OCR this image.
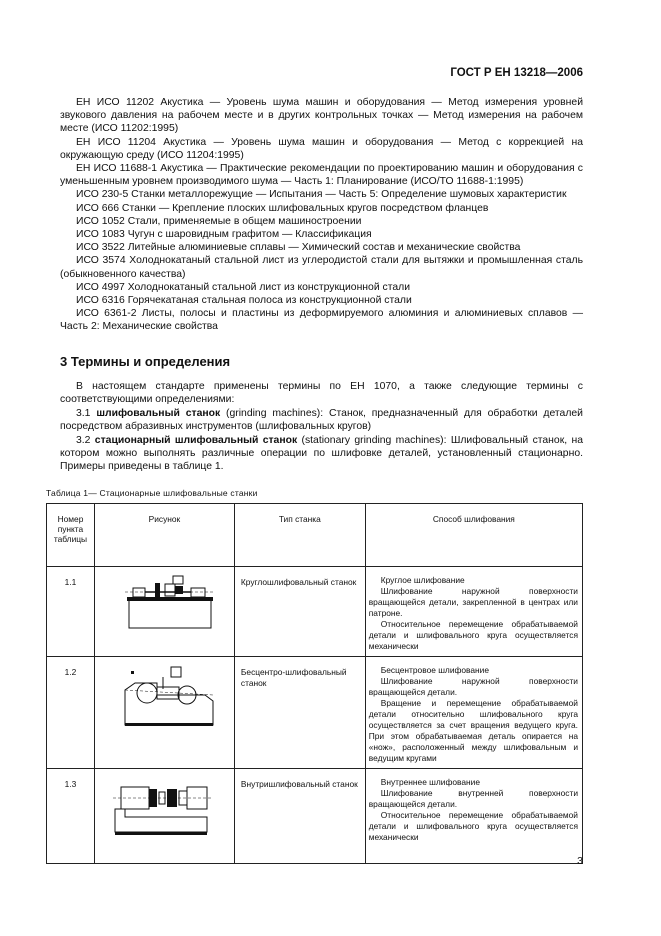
ГОСТ Р ЕН 13218—2006

ЕН ИСО 11202 Акустика — Уровень шума машин и оборудования — Метод измерения уровней звукового давления на рабочем месте и в других контрольных точках — Метод измерения на рабочем месте (ИСО 11202:1995)

ЕН ИСО 11204 Акустика — Уровень шума машин и оборудования — Метод с коррекцией на окружающую среду (ИСО 11204:1995)

ЕН ИСО 11688-1 Акустика — Практические рекомендации по проектированию машин и оборудования с уменьшенным уровнем производимого шума — Часть 1: Планирование (ИСО/ТО 11688-1:1995)

ИСО 230-5 Станки металлорежущие — Испытания — Часть 5: Определение шумовых характеристик

ИСО 666 Станки — Крепление плоских шлифовальных кругов посредством фланцев

ИСО 1052 Стали, применяемые в общем машиностроении

ИСО 1083 Чугун с шаровидным графитом — Классификация

ИСО 3522 Литейные алюминиевые сплавы — Химический состав и механические свойства

ИСО 3574 Холоднокатаный стальной лист из углеродистой стали для вытяжки и промышленная сталь (обыкновенного качества)

ИСО 4997 Холоднокатаный стальной лист из конструкционной стали

ИСО 6316 Горячекатаная стальная полоса из конструкционной стали

ИСО 6361-2 Листы, полосы и пластины из деформируемого алюминия и алюминиевых сплавов — Часть 2: Механические свойства

3 Термины и определения

В настоящем стандарте применены термины по ЕН 1070, а также следующие термины с соответствующими определениями:

3.1 шлифовальный станок (grinding machines): Станок, предназначенный для обработки деталей посредством абразивных инструментов (шлифовальных кругов)

3.2 стационарный шлифовальный станок (stationary grinding machines): Шлифовальный станок, на котором можно выполнять различные операции по шлифовке деталей, установленный стационарно. Примеры приведены в таблице 1.

Таблица 1— Стационарные шлифовальные станки
Номер пункта таблицы	Рисунок	Тип станка	Способ шлифования
1.1		Круглошлифовальный станок	Круглое шлифование
Шлифование наружной поверхности вращающейся детали, закрепленной в центрах или патроне.
Относительное перемещение обрабатываемой детали и шлифовального круга осуществляется механически

1.2		Бесцентро-шлифовальный станок	Бесцентровое шлифование
Шлифование наружной поверхности вращающейся детали.
Вращение и перемещение обрабатываемой детали относительно шлифовального круга осуществляется за счет вращения ведущего круга. При этом обрабатываемая деталь опирается на «нож», расположенный между шлифовальным и ведущим кругами

1.3		Внутришлифовальный станок	Внутреннее шлифование
Шлифование внутренней поверхности вращающейся детали.
Относительное перемещение обрабатываемой детали и шлифовального круга осуществляется механически
3
